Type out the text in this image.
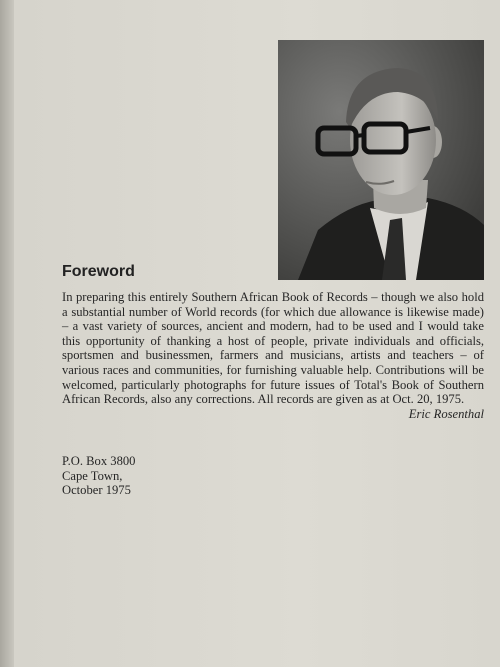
Foreword

In preparing this entirely Southern African Book of Records – though we also hold a substantial number of World records (for which due allowance is likewise made) – a vast variety of sources, ancient and modern, had to be used and I would take this opportunity of thanking a host of people, private individuals and officials, sportsmen and businessmen, farmers and musicians, artists and teachers – of various races and communities, for furnishing valuable help. Contributions will be welcomed, particularly photographs for future issues of Total's Book of Southern African Records, also any corrections. All records are given as at Oct. 20, 1975.
Eric Rosenthal

P.O. Box 3800
Cape Town,
October 1975
